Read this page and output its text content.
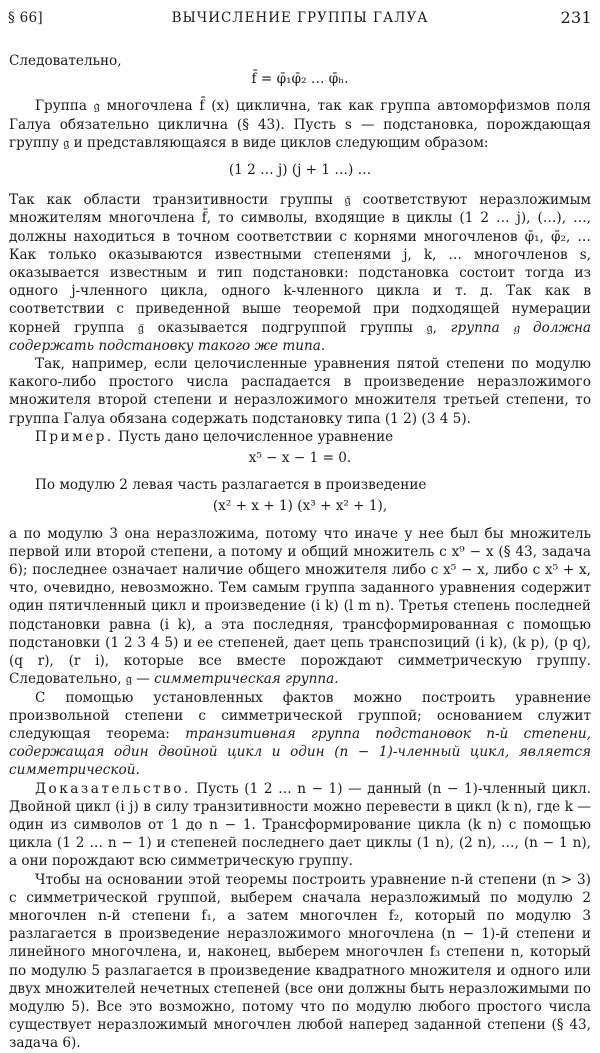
§ 66]	ВЫЧИСЛЕНИЕ ГРУППЫ ГАЛУА	231

Следовательно,

f̄ = φ̄₁φ̄₂ … φ̄ₕ.

Группа 𝔤 многочлена f̄ (x) циклична, так как группа автоморфизмов поля Галуа обязательно циклична (§ 43). Пусть s — подстановка, порождающая группу 𝔤 и представляющаяся в виде циклов следующим образом:

(1 2 … j) (j + 1 …) …

Так как области транзитивности группы 𝔤̄ соответствуют неразложимым множителям многочлена f̄, то символы, входящие в циклы (1 2 … j), (…), …, должны находиться в точном соответствии с корнями многочленов φ̄₁, φ̄₂, … Как только оказываются известными степенями j, k, … многочленов s, оказывается известным и тип подстановки: подстановка состоит тогда из одного j-членного цикла, одного k-членного цикла и т. д. Так как в соответствии с приведенной выше теоремой при подходящей нумерации корней группа 𝔤̄ оказывается подгруппой группы 𝔤, группа 𝔤 должна содержать подстановку такого же типа.

Так, например, если целочисленные уравнения пятой степени по модулю какого-либо простого числа распадается в произведение неразложимого множителя второй степени и неразложимого множителя третьей степени, то группа Галуа обязана содержать подстановку типа (1 2) (3 4 5).

Пример. Пусть дано целочисленное уравнение

x⁵ − x − 1 = 0.

По модулю 2 левая часть разлагается в произведение

(x² + x + 1) (x³ + x² + 1),

а по модулю 3 она неразложима, потому что иначе у нее был бы множитель первой или второй степени, а потому и общий множитель с x⁹ − x (§ 43, задача 6); последнее означает наличие общего множителя либо с x⁵ − x, либо с x⁵ + x, что, очевидно, невозможно. Тем самым группа заданного уравнения содержит один пятичленный цикл и произведение (i k) (l m n). Третья степень последней подстановки равна (i k), а эта последняя, трансформированная с помощью подстановки (1 2 3 4 5) и ее степеней, дает цепь транспозиций (i k), (k p), (p q), (q r), (r i), которые все вместе порождают симметрическую группу. Следовательно, 𝔤 — симметрическая группа.

С помощью установленных фактов можно построить уравнение произвольной степени с симметрической группой; основанием служит следующая теорема: транзитивная группа подстановок n-й степени, содержащая один двойной цикл и один (n − 1)-членный цикл, является симметрической.

Доказательство. Пусть (1 2 … n − 1) — данный (n − 1)-членный цикл. Двойной цикл (i j) в силу транзитивности можно перевести в цикл (k n), где k — один из символов от 1 до n − 1. Трансформирование цикла (k n) с помощью цикла (1 2 … n − 1) и степеней последнего дает циклы (1 n), (2 n), …, (n − 1 n), а они порождают всю симметрическую группу.

Чтобы на основании этой теоремы построить уравнение n-й степени (n > 3) с симметрической группой, выберем сначала неразложимый по модулю 2 многочлен n-й степени f₁, а затем многочлен f₂, который по модулю 3 разлагается в произведение неразложимого многочлена (n − 1)-й степени и линейного многочлена, и, наконец, выберем многочлен f₃ степени n, который по модулю 5 разлагается в произведение квадратного множителя и одного или двух множителей нечетных степеней (все они должны быть неразложимыми по модулю 5). Все это возможно, потому что по модулю любого простого числа существует неразложимый многочлен любой наперед заданной степени (§ 43, задача 6).
